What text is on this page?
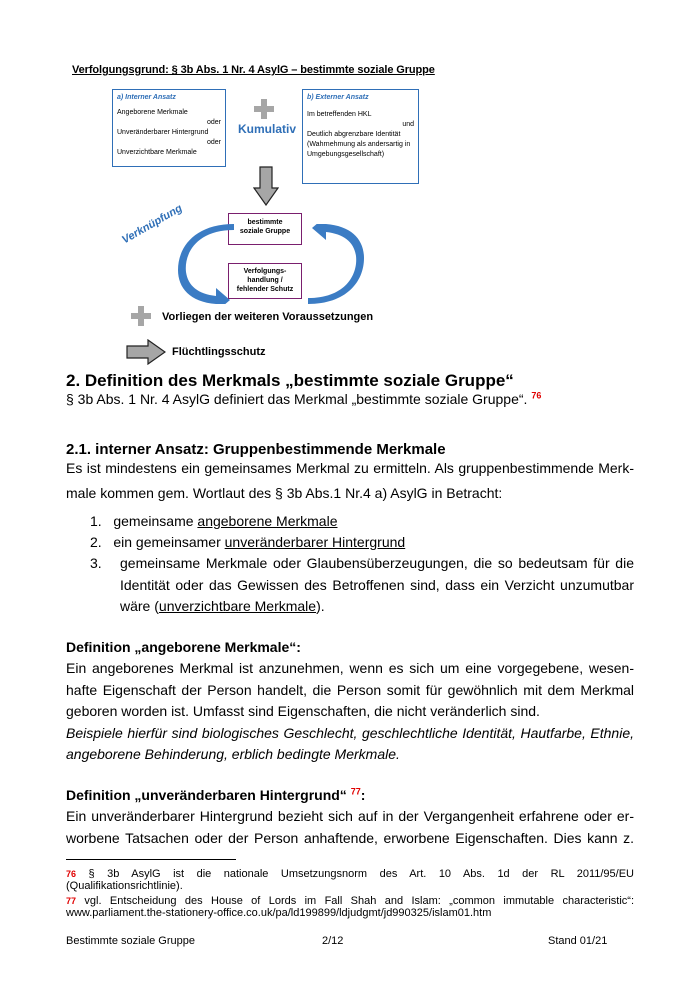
Verfolgungsgrund: § 3b Abs. 1 Nr. 4 AsylG – bestimmte soziale Gruppe
a) Interner Ansatz
Angeborene Merkmale
oder
Unveränderbarer Hintergrund
oder
Unverzichtbare Merkmale
Kumulativ
b) Externer Ansatz
Im betreffenden HKL
und
Deutlich abgrenzbare Identität
(Wahrnehmung als andersartig in
Umgebungsgesellschaft)
bestimmte
soziale Gruppe
Verknüpfung
Verfolgungs-
handlung /
fehlender Schutz
Vorliegen der weiteren Voraussetzungen
Flüchtlingsschutz
2. Definition des Merkmals „bestimmte soziale Gruppe“
§ 3b Abs. 1 Nr. 4 AsylG definiert das Merkmal „bestimmte soziale Gruppe“. $^{76}$
2.1. interner Ansatz: Gruppenbestimmende Merkmale
Es ist mindestens ein gemeinsames Merkmal zu ermitteln. Als gruppenbestimmende Merk-
male kommen gem. Wortlaut des § 3b Abs.1 Nr.4 a) AsylG in Betracht:
1. gemeinsame angeborene Merkmale
2. ein gemeinsamer unveränderbarer Hintergrund
3. gemeinsame Merkmale oder Glaubensüberzeugungen, die so bedeutsam für die
Identität oder das Gewissen des Betroffenen sind, dass ein Verzicht unzumutbar
wäre (unverzichtbare Merkmale).
Definition „angeborene Merkmale“:
Ein angeborenes Merkmal ist anzunehmen, wenn es sich um eine vorgegebene, wesen-
hafte Eigenschaft der Person handelt, die Person somit für gewöhnlich mit dem Merkmal
geboren worden ist. Umfasst sind Eigenschaften, die nicht veränderlich sind.
Beispiele hierfür sind biologisches Geschlecht, geschlechtliche Identität, Hautfarbe, Ethnie,
angeborene Behinderung, erblich bedingte Merkmale.
Definition „unveränderbaren Hintergrund“ $^{77}$:
Ein unveränderbarer Hintergrund bezieht sich auf in der Vergangenheit erfahrene oder er-
worbene Tatsachen oder der Person anhaftende, erworbene Eigenschaften. Dies kann z.
76 § 3b AsylG ist die nationale Umsetzungsnorm des Art. 10 Abs. 1d der RL 2011/95/EU
(Qualifikationsrichtlinie).
77 vgl. Entscheidung des House of Lords im Fall Shah and Islam: „common immutable characteristic“:
www.parliament.the-stationery-office.co.uk/pa/ld199899/ldjudgmt/jd990325/islam01.htm
Bestimmte soziale Gruppe	2/12	Stand 01/21
